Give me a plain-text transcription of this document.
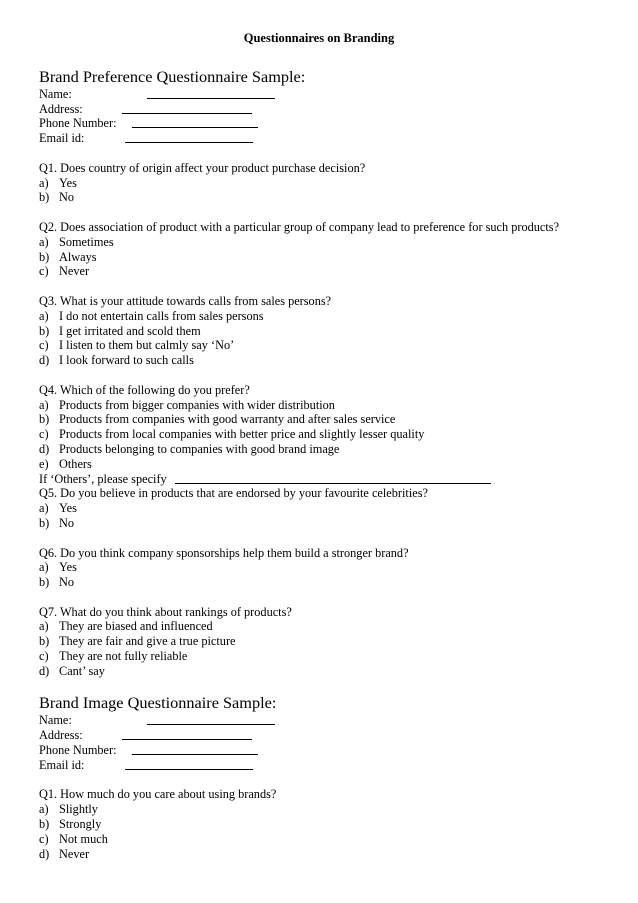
Questionnaires on Branding
Brand Preference Questionnaire Sample:
Name:
Address:
Phone Number:
Email id:
Q1. Does country of origin affect your product purchase decision?
a) Yes
b) No
Q2. Does association of product with a particular group of company lead to preference for such products?
a) Sometimes
b) Always
c) Never
Q3. What is your attitude towards calls from sales persons?
a) I do not entertain calls from sales persons
b) I get irritated and scold them
c) I listen to them but calmly say ‘No’
d) I look forward to such calls
Q4. Which of the following do you prefer?
a) Products from bigger companies with wider distribution
b) Products from companies with good warranty and after sales service
c) Products from local companies with better price and slightly lesser quality
d) Products belonging to companies with good brand image
e) Others
If ‘Others’, please specify
Q5. Do you believe in products that are endorsed by your favourite celebrities?
a) Yes
b) No
Q6. Do you think company sponsorships help them build a stronger brand?
a) Yes
b) No
Q7. What do you think about rankings of products?
a) They are biased and influenced
b) They are fair and give a true picture
c) They are not fully reliable
d) Cant’ say
Brand Image Questionnaire Sample:
Name:
Address:
Phone Number:
Email id:
Q1. How much do you care about using brands?
a) Slightly
b) Strongly
c) Not much
d) Never
